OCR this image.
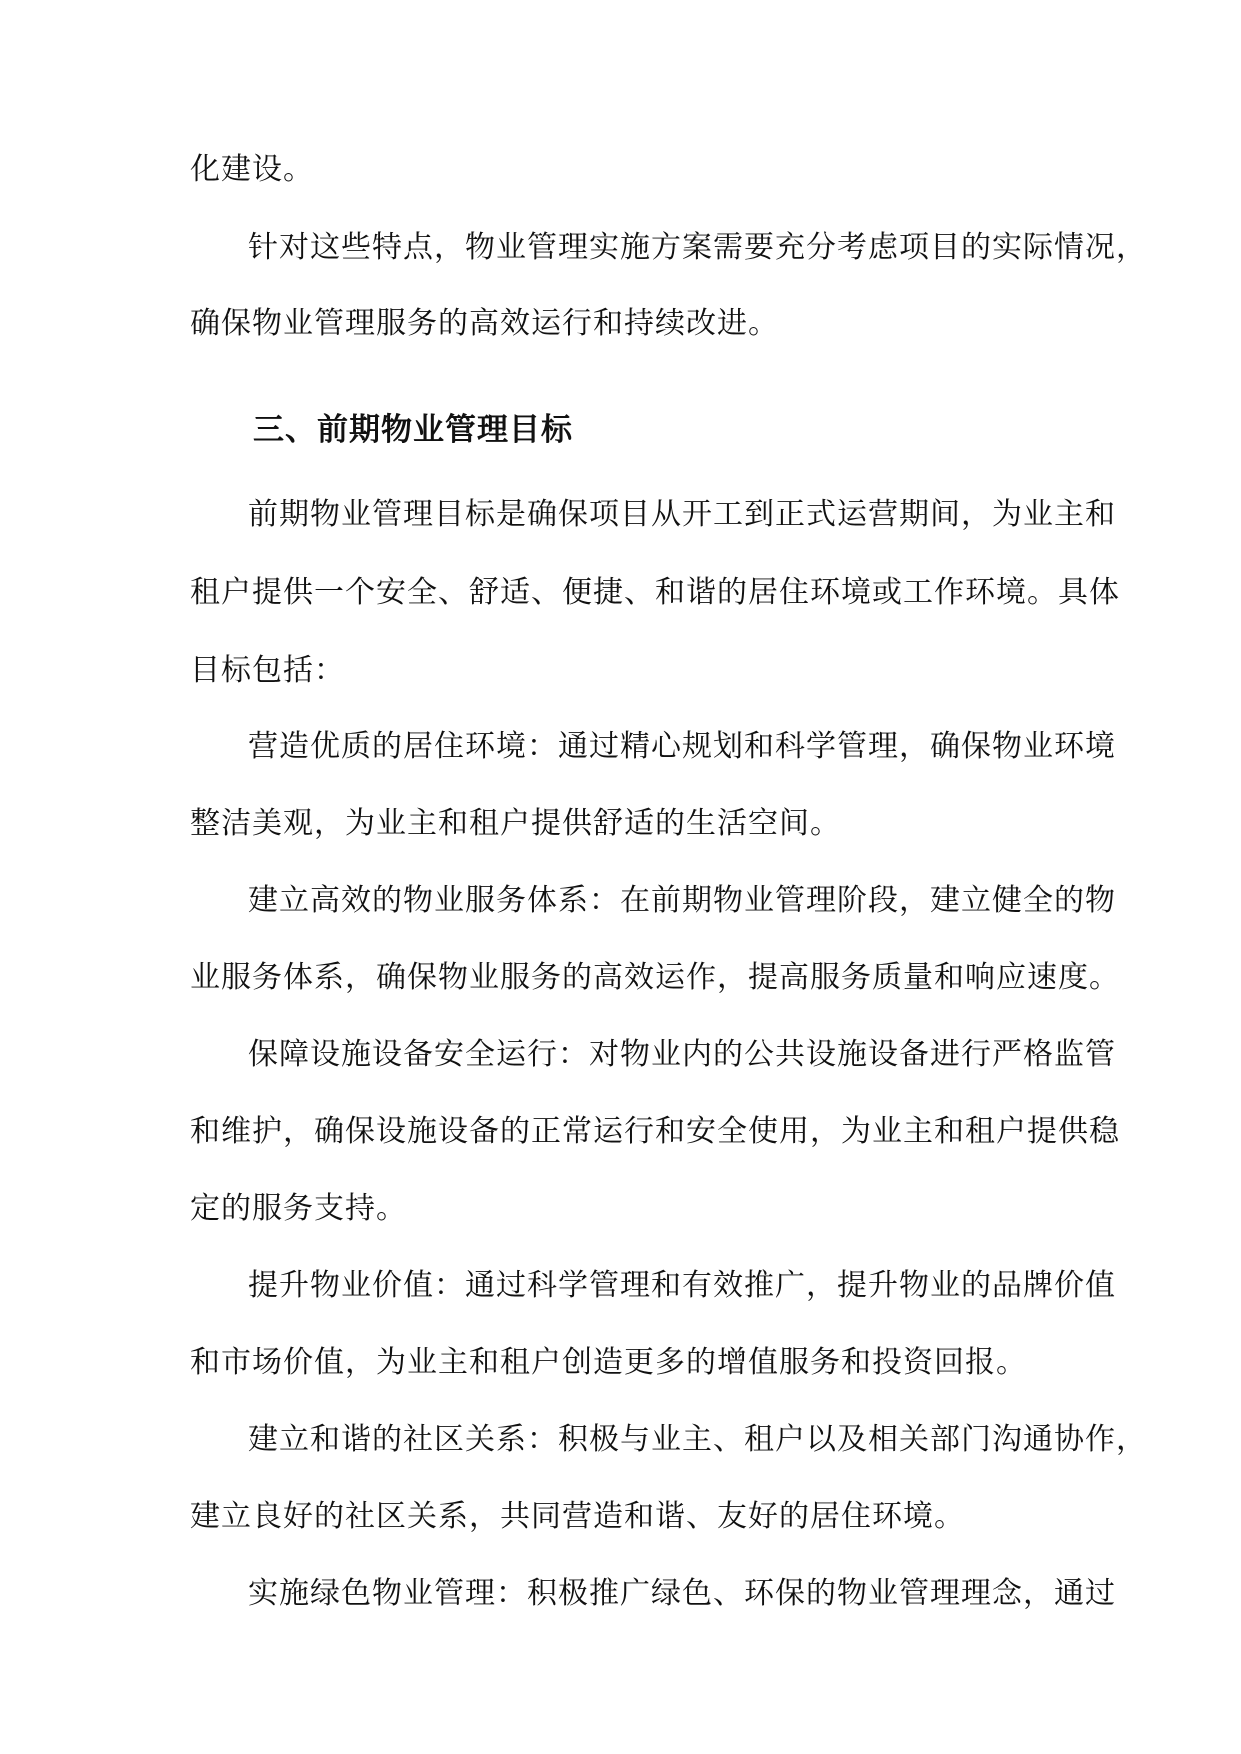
化建设。
针对这些特点，物业管理实施方案需要充分考虑项目的实际情况，
确保物业管理服务的高效运行和持续改进。
三、前期物业管理目标
前期物业管理目标是确保项目从开工到正式运营期间，为业主和
租户提供一个安全、舒适、便捷、和谐的居住环境或工作环境。具体
目标包括：
营造优质的居住环境：通过精心规划和科学管理，确保物业环境
整洁美观，为业主和租户提供舒适的生活空间。
建立高效的物业服务体系：在前期物业管理阶段，建立健全的物
业服务体系，确保物业服务的高效运作，提高服务质量和响应速度。
保障设施设备安全运行：对物业内的公共设施设备进行严格监管
和维护，确保设施设备的正常运行和安全使用，为业主和租户提供稳
定的服务支持。
提升物业价值：通过科学管理和有效推广，提升物业的品牌价值
和市场价值，为业主和租户创造更多的增值服务和投资回报。
建立和谐的社区关系：积极与业主、租户以及相关部门沟通协作，
建立良好的社区关系，共同营造和谐、友好的居住环境。
实施绿色物业管理：积极推广绿色、环保的物业管理理念，通过
